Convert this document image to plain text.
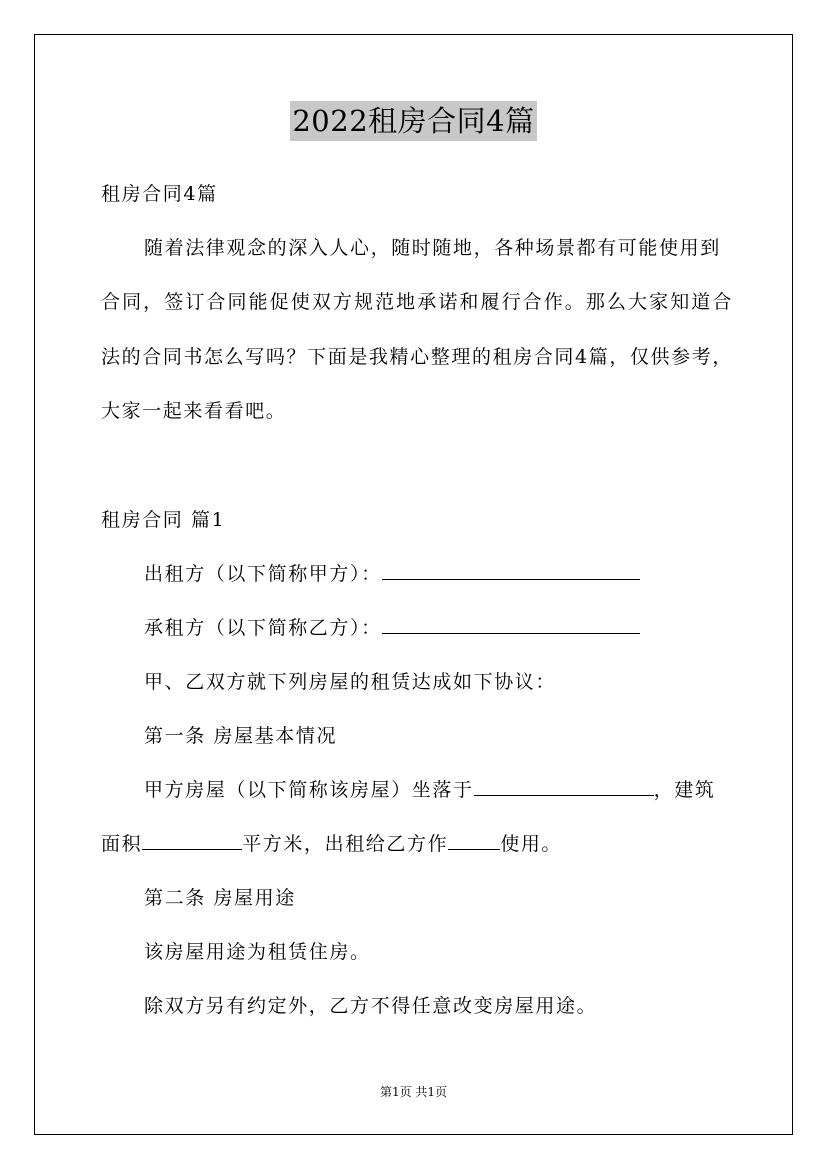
2022租房合同4篇
租房合同4篇
随着法律观念的深入人心，随时随地，各种场景都有可能使用到
合同，签订合同能促使双方规范地承诺和履行合作。那么大家知道合
法的合同书怎么写吗？下面是我精心整理的租房合同4篇，仅供参考，
大家一起来看看吧。
租房合同 篇1
出租方（以下简称甲方）：
承租方（以下简称乙方）：
甲、乙双方就下列房屋的租赁达成如下协议：
第一条 房屋基本情况
甲方房屋（以下简称该房屋）坐落于	，建筑
面积	平方米，出租给乙方作	使用。
第二条 房屋用途
该房屋用途为租赁住房。
除双方另有约定外，乙方不得任意改变房屋用途。
第1页 共1页
